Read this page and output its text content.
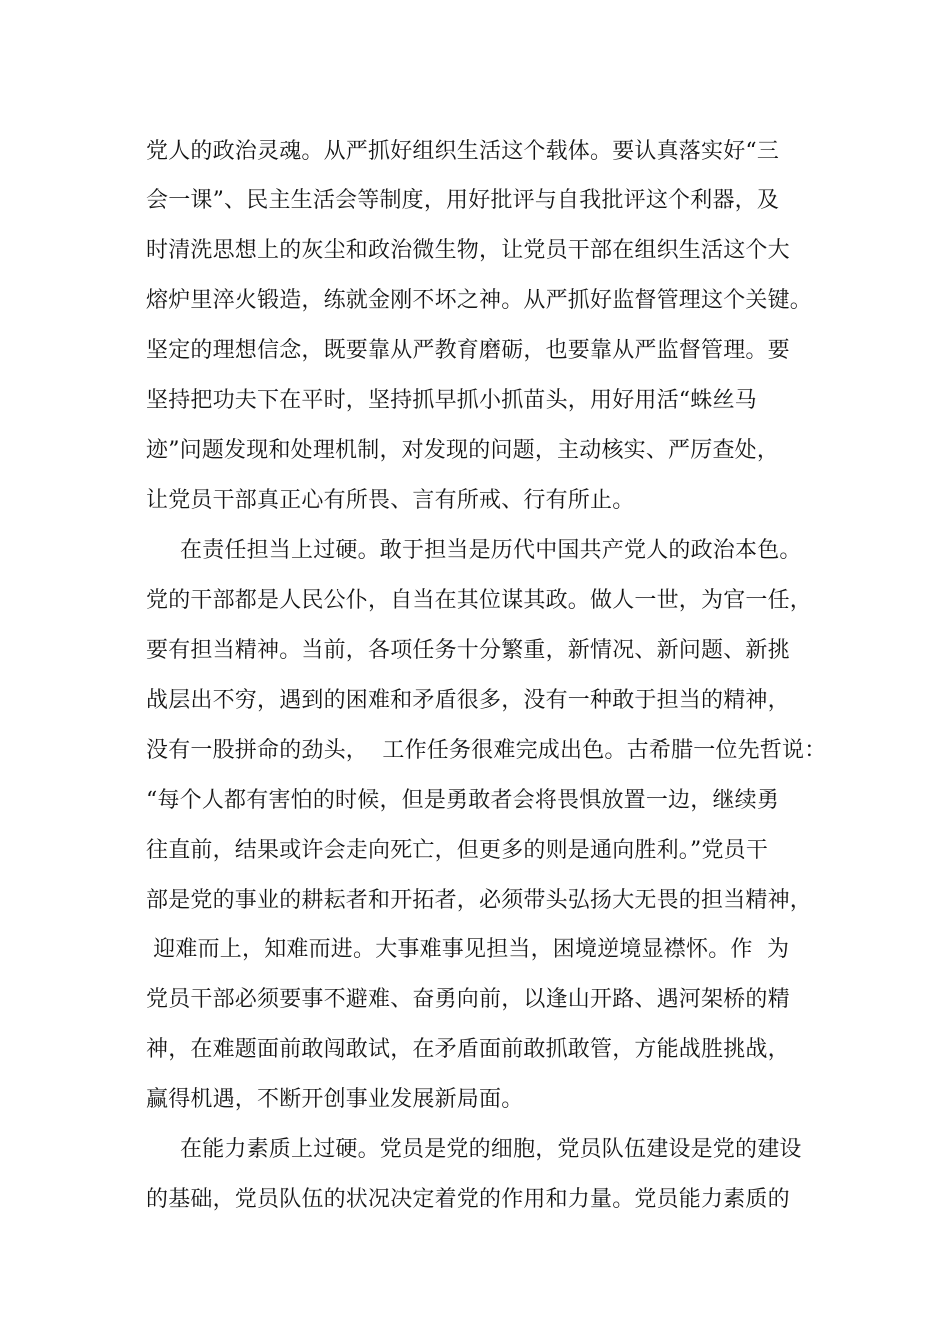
党人的政治灵魂。从严抓好组织生活这个载体。要认真落实好“三
会一课”、民主生活会等制度，用好批评与自我批评这个利器，及
时清洗思想上的灰尘和政治微生物，让党员干部在组织生活这个大
熔炉里淬火锻造，练就金刚不坏之神。从严抓好监督管理这个关键。
坚定的理想信念，既要靠从严教育磨砺，也要靠从严监督管理。要
坚持把功夫下在平时，坚持抓早抓小抓苗头，用好用活“蛛丝马
迹”问题发现和处理机制，对发现的问题，主动核实、严厉查处，
让党员干部真正心有所畏、言有所戒、行有所止。
在责任担当上过硬。敢于担当是历代中国共产党人的政治本色。
党的干部都是人民公仆，自当在其位谋其政。做人一世，为官一任，
要有担当精神。当前，各项任务十分繁重，新情况、新问题、新挑
战层出不穷，遇到的困难和矛盾很多，没有一种敢于担当的精神，
没有一股拼命的劲头，  工作任务很难完成出色。古希腊一位先哲说：
“每个人都有害怕的时候，但是勇敢者会将畏惧放置一边，继续勇
往直前，结果或许会走向死亡，但更多的则是通向胜利。”党员干
部是党的事业的耕耘者和开拓者，必须带头弘扬大无畏的担当精神，
迎难而上，知难而进。大事难事见担当，困境逆境显襟怀。作  为
党员干部必须要事不避难、奋勇向前，以逢山开路、遇河架桥的精
神，在难题面前敢闯敢试，在矛盾面前敢抓敢管，方能战胜挑战，
赢得机遇，不断开创事业发展新局面。
在能力素质上过硬。党员是党的细胞，党员队伍建设是党的建设
的基础，党员队伍的状况决定着党的作用和力量。党员能力素质的
